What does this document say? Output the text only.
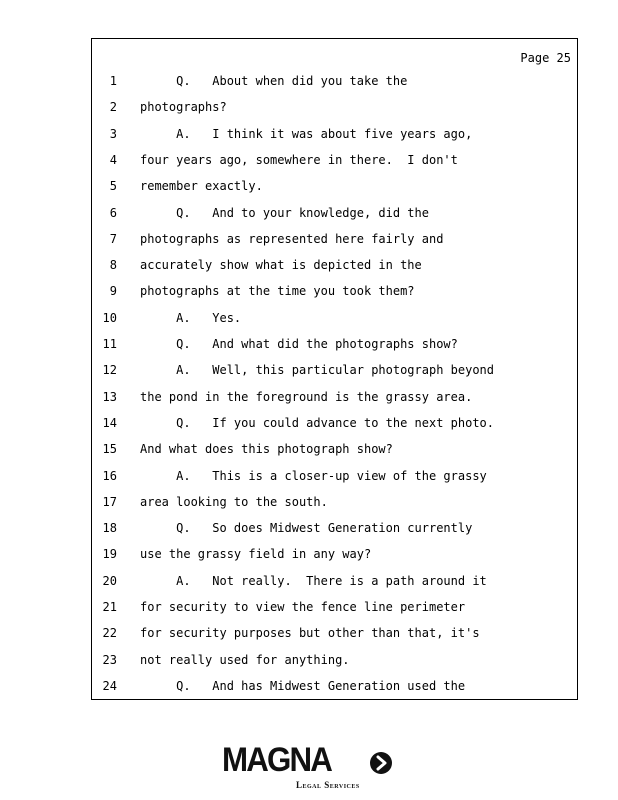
Page 25
1 Q.   About when did you take the
2 photographs?
3 A.   I think it was about five years ago,
4 four years ago, somewhere in there.  I don't
5 remember exactly.
6 Q.   And to your knowledge, did the
7 photographs as represented here fairly and
8 accurately show what is depicted in the
9 photographs at the time you took them?
10 A.   Yes.
11 Q.   And what did the photographs show?
12 A.   Well, this particular photograph beyond
13 the pond in the foreground is the grassy area.
14 Q.   If you could advance to the next photo.
15 And what does this photograph show?
16 A.   This is a closer-up view of the grassy
17 area looking to the south.
18 Q.   So does Midwest Generation currently
19 use the grassy field in any way?
20 A.   Not really.  There is a path around it
21 for security to view the fence line perimeter
22 for security purposes but other than that, it's
23 not really used for anything.
24 Q.   And has Midwest Generation used the
MAGNA
Legal Services
